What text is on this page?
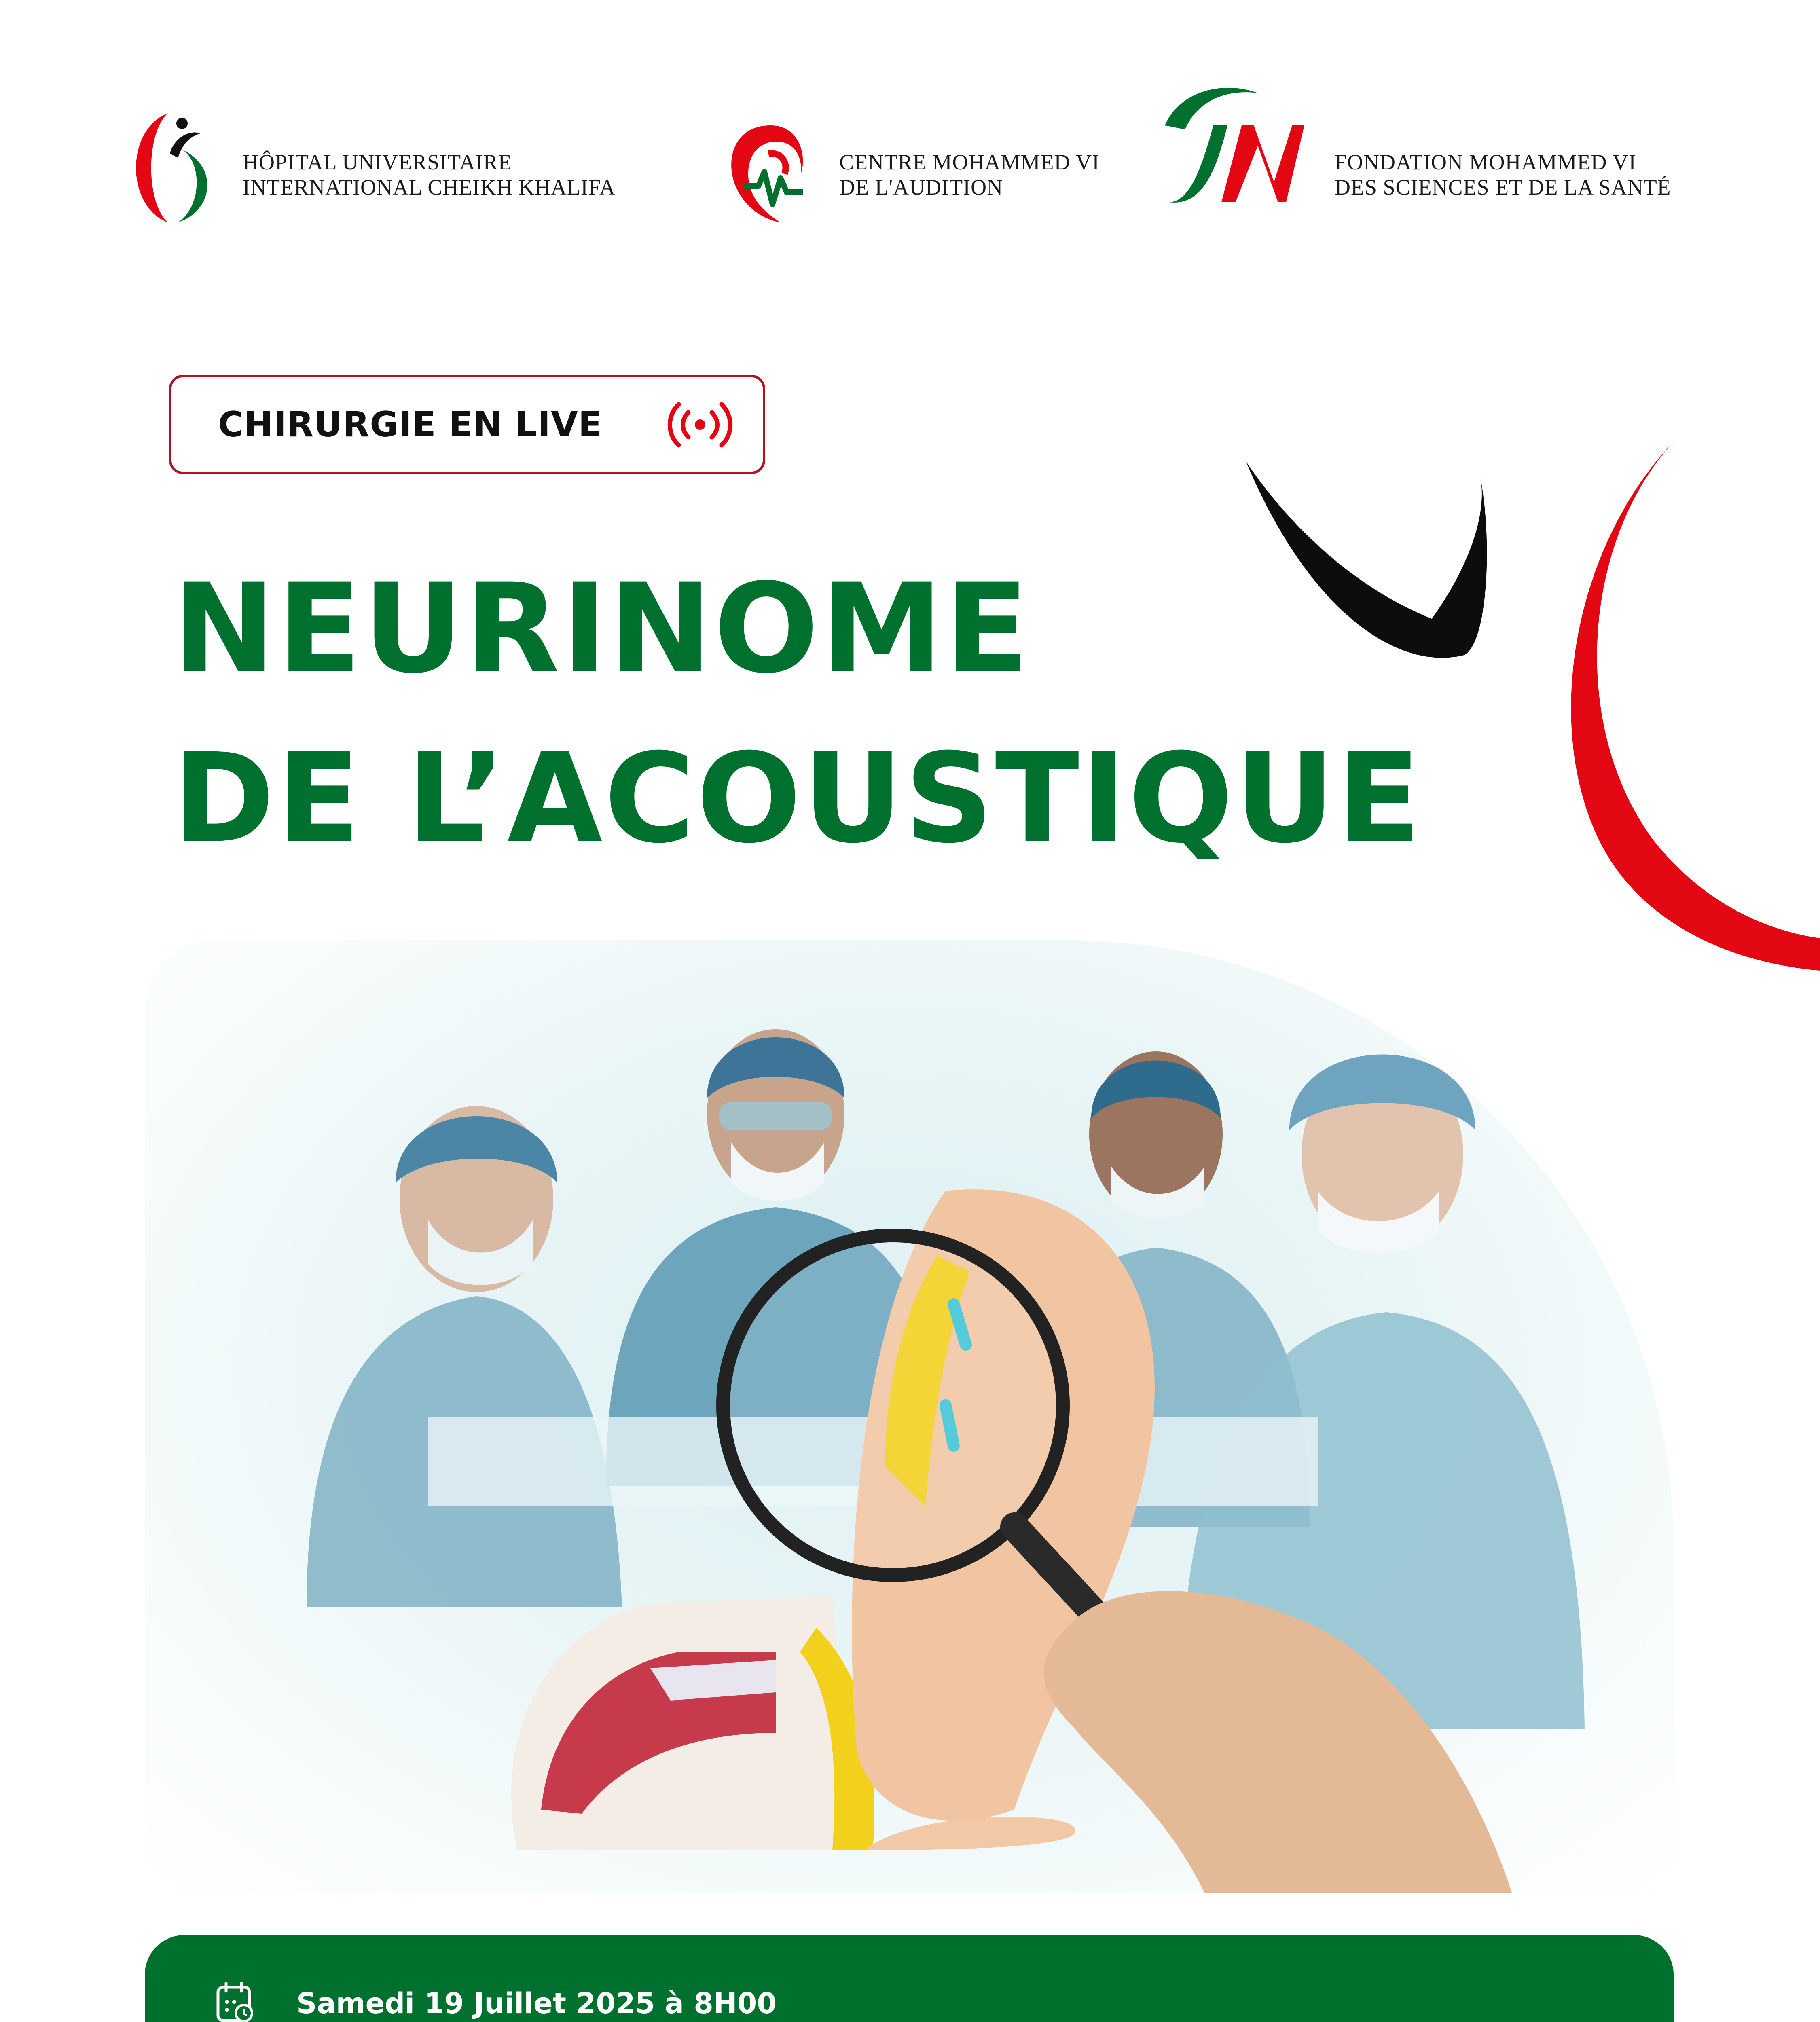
HÔPITAL UNIVERSITAIRE
INTERNATIONAL CHEIKH KHALIFA
CENTRE MOHAMMED VI
DE L'AUDITION
FONDATION MOHAMMED VI
DES SCIENCES ET DE LA SANTÉ
CHIRURGIE EN LIVE
NEURINOME
DE L’ACOUSTIQUE
Samedi 19 Juillet 2025 à 8H00
